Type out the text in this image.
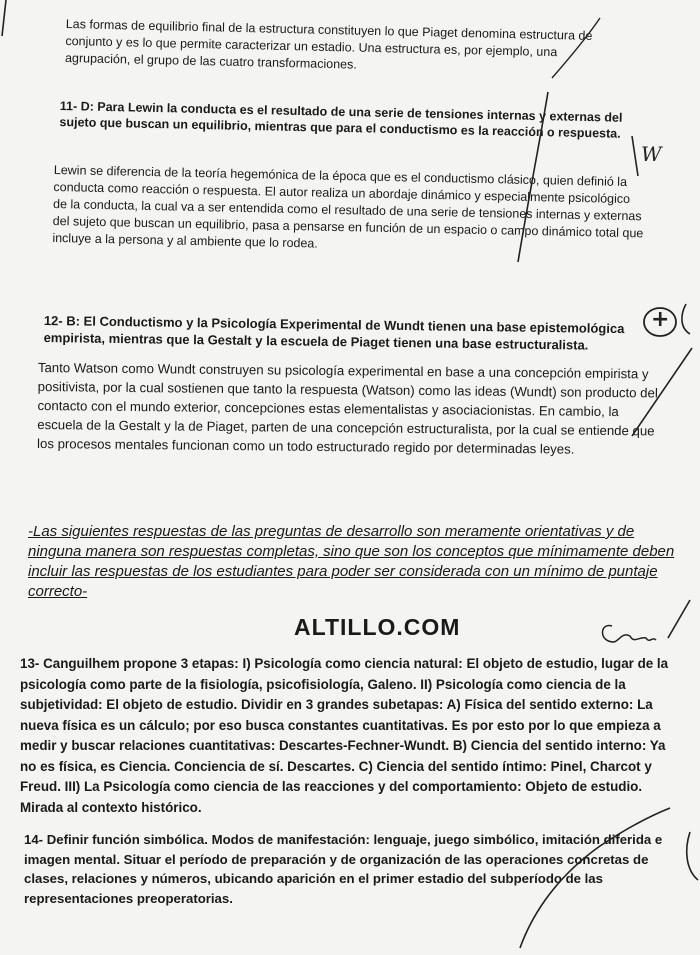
Las formas de equilibrio final de la estructura constituyen lo que Piaget denomina estructura de conjunto y es lo que permite caracterizar un estadio. Una estructura es, por ejemplo, una agrupación, el grupo de las cuatro transformaciones.

11- D: Para Lewin la conducta es el resultado de una serie de tensiones internas y externas del sujeto que buscan un equilibrio, mientras que para el conductismo es la reacción o respuesta.

Lewin se diferencia de la teoría hegemónica de la época que es el conductismo clásico, quien definió la conducta como reacción o respuesta. El autor realiza un abordaje dinámico y especialmente psicológico de la conducta, la cual va a ser entendida como el resultado de una serie de tensiones internas y externas del sujeto que buscan un equilibrio, pasa a pensarse en función de un espacio o campo dinámico total que incluye a la persona y al ambiente que lo rodea.

12- B: El Conductismo y la Psicología Experimental de Wundt tienen una base epistemológica empirista, mientras que la Gestalt y la escuela de Piaget tienen una base estructuralista.

Tanto Watson como Wundt construyen su psicología experimental en base a una concepción empirista y positivista, por la cual sostienen que tanto la respuesta (Watson) como las ideas (Wundt) son producto del contacto con el mundo exterior, concepciones estas elementalistas y asociacionistas. En cambio, la escuela de la Gestalt y la de Piaget, parten de una concepción estructuralista, por la cual se entiende que los procesos mentales funcionan como un todo estructurado regido por determinadas leyes.

-Las siguientes respuestas de las preguntas de desarrollo son meramente orientativas y de ninguna manera son respuestas completas, sino que son los conceptos que mínimamente deben incluir las respuestas de los estudiantes para poder ser considerada con un mínimo de puntaje correcto-

ALTILLO.COM

13- Canguilhem propone 3 etapas: I) Psicología como ciencia natural: El objeto de estudio, lugar de la psicología como parte de la fisiología, psicofisiología, Galeno. II) Psicología como ciencia de la subjetividad: El objeto de estudio. Dividir en 3 grandes subetapas: A) Física del sentido externo: La nueva física es un cálculo; por eso busca constantes cuantitativas. Es por esto por lo que empieza a medir y buscar relaciones cuantitativas: Descartes-Fechner-Wundt. B) Ciencia del sentido interno: Ya no es física, es Ciencia. Conciencia de sí. Descartes. C) Ciencia del sentido íntimo: Pinel, Charcot y Freud. III) La Psicología como ciencia de las reacciones y del comportamiento: Objeto de estudio. Mirada al contexto histórico.

14- Definir función simbólica. Modos de manifestación: lenguaje, juego simbólico, imitación diferida e imagen mental. Situar el período de preparación y de organización de las operaciones concretas de clases, relaciones y números, ubicando aparición en el primer estadio del subperíodo de las representaciones preoperatorias.

W
+
